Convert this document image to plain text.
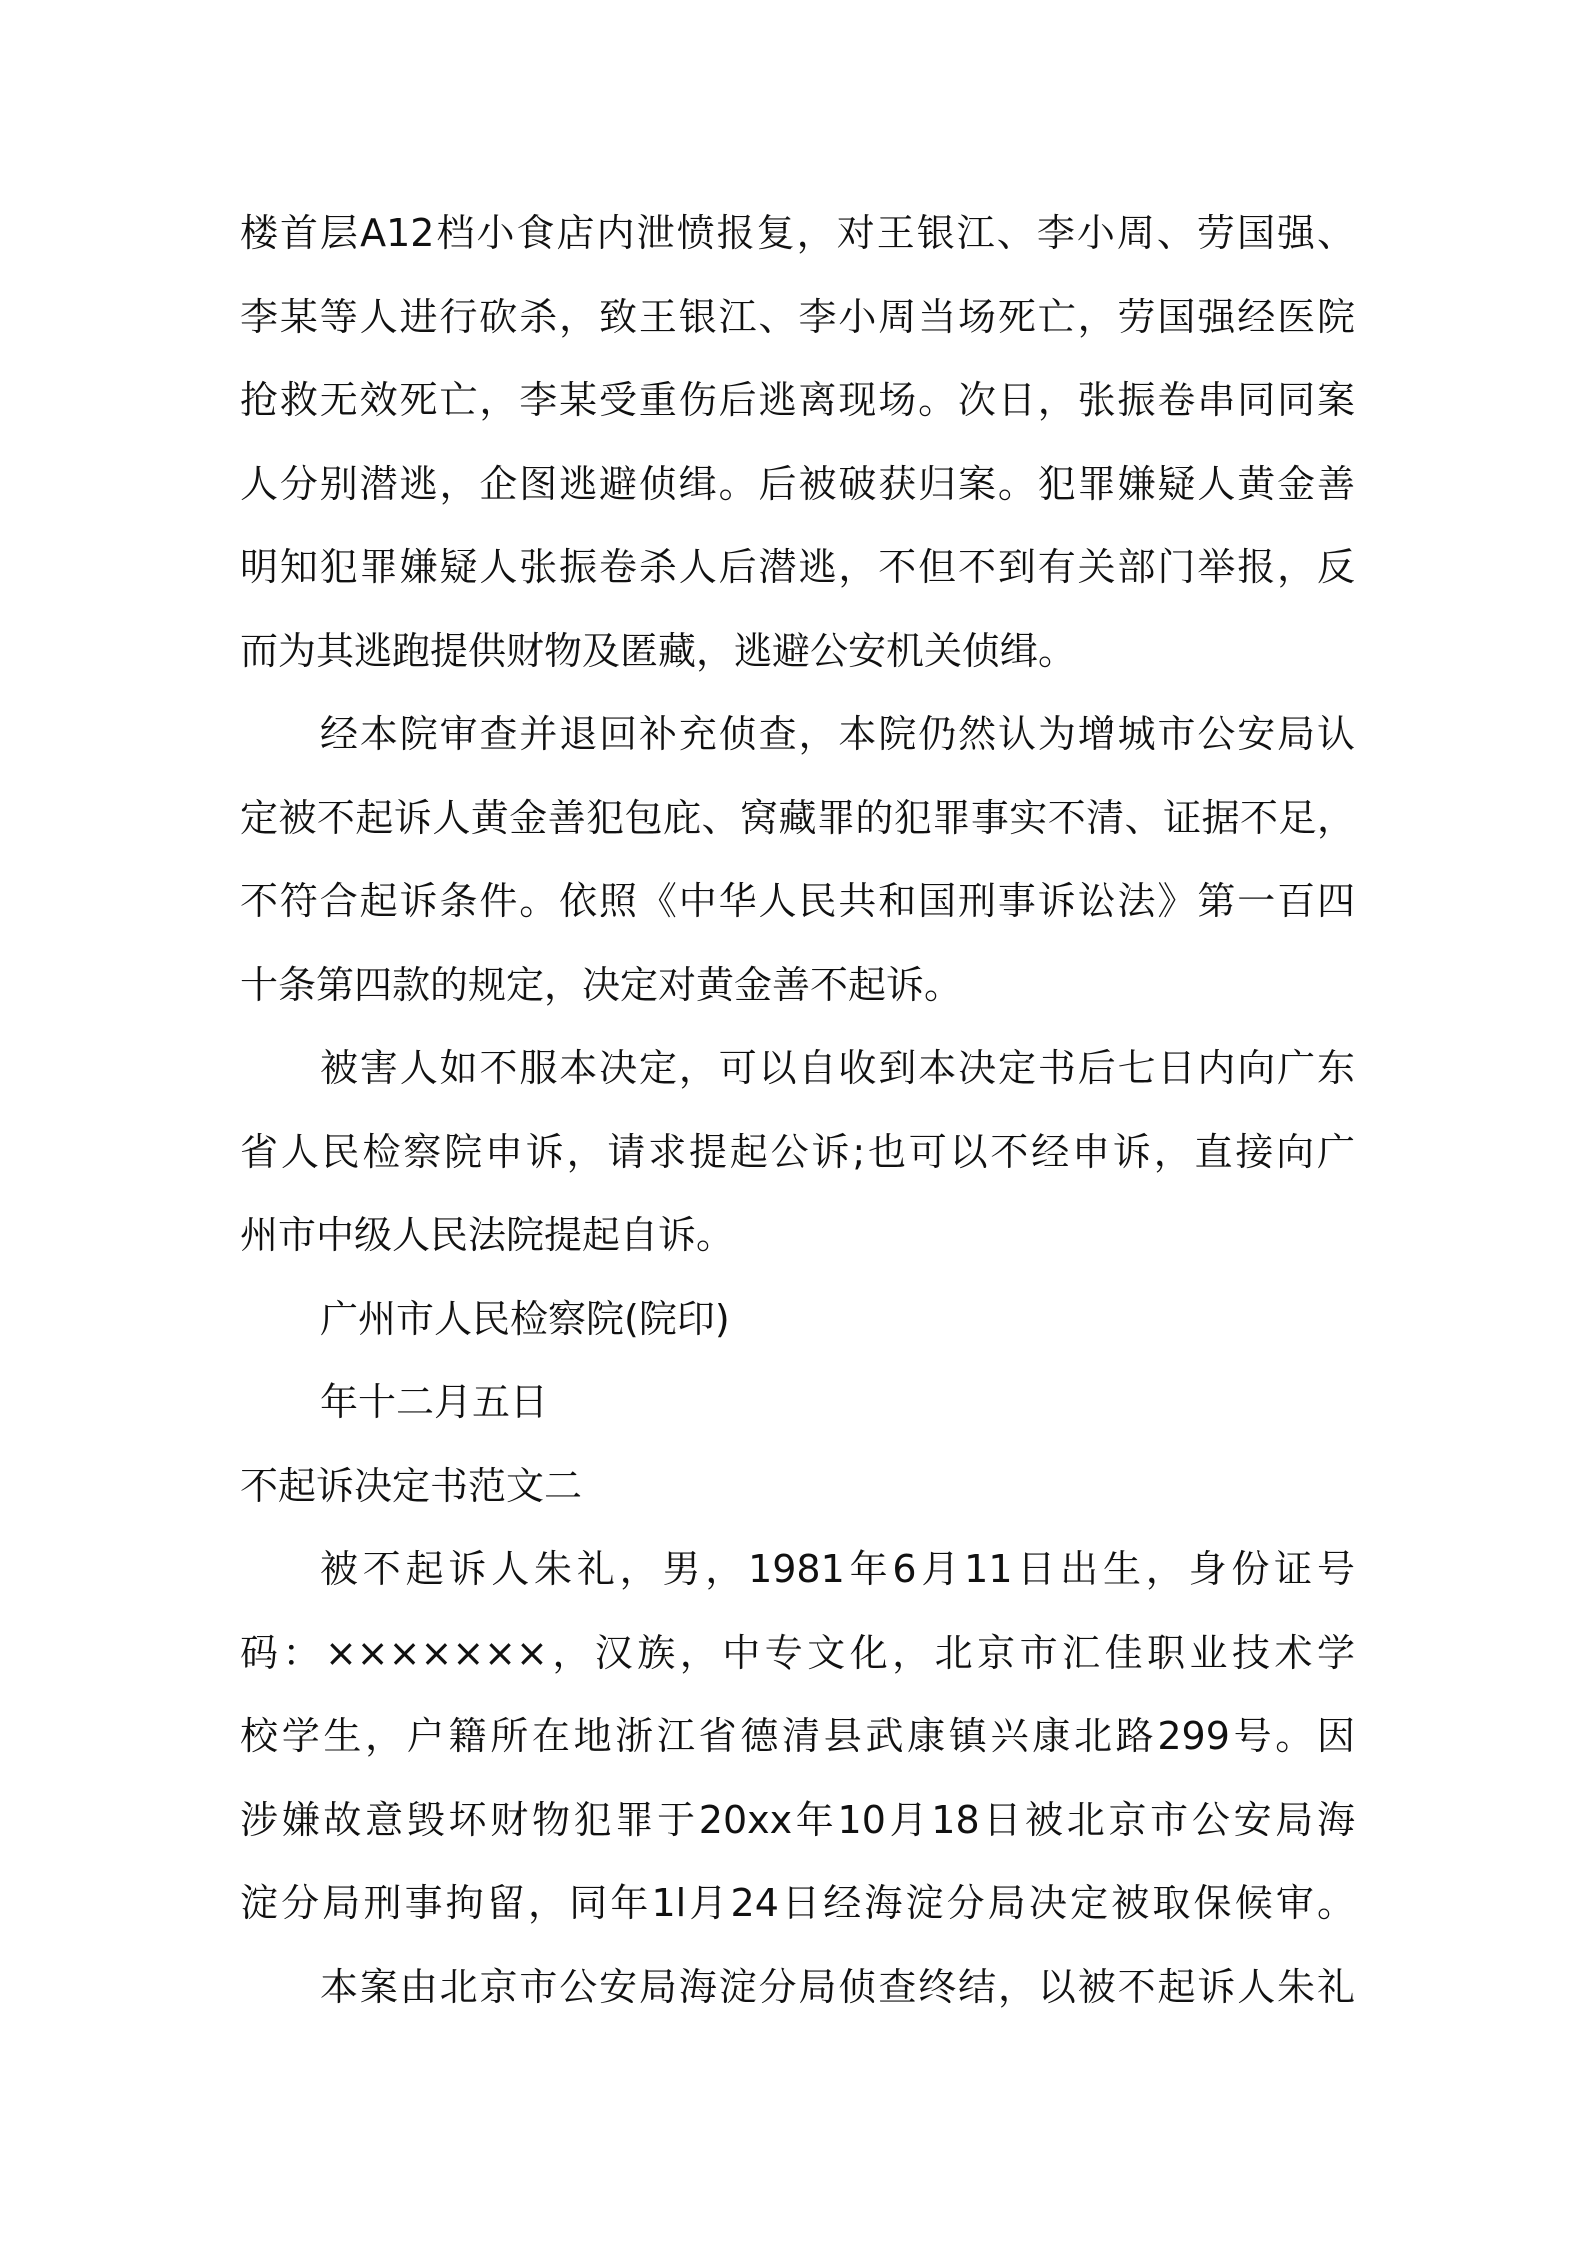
楼首层A12档小食店内泄愤报复，对王银江、李小周、劳国强、
李某等人进行砍杀，致王银江、李小周当场死亡，劳国强经医院
抢救无效死亡，李某受重伤后逃离现场。次日，张振卷串同同案
人分别潜逃，企图逃避侦缉。后被破获归案。犯罪嫌疑人黄金善
明知犯罪嫌疑人张振卷杀人后潜逃，不但不到有关部门举报，反
而为其逃跑提供财物及匿藏，逃避公安机关侦缉。
经本院审查并退回补充侦查，本院仍然认为增城市公安局认
定被不起诉人黄金善犯包庇、窝藏罪的犯罪事实不清、证据不足，
不符合起诉条件。依照《中华人民共和国刑事诉讼法》第一百四
十条第四款的规定，决定对黄金善不起诉。
被害人如不服本决定，可以自收到本决定书后七日内向广东
省人民检察院申诉，请求提起公诉;也可以不经申诉，直接向广
州市中级人民法院提起自诉。
广州市人民检察院(院印)
年十二月五日
不起诉决定书范文二
被不起诉人朱礼，男，1981年6月11日出生，身份证号
码：×××××××，汉族，中专文化，北京市汇佳职业技术学
校学生，户籍所在地浙江省德清县武康镇兴康北路299号。因
涉嫌故意毁坏财物犯罪于20xx年10月18日被北京市公安局海
淀分局刑事拘留，同年1l月24日经海淀分局决定被取保候审。
本案由北京市公安局海淀分局侦查终结，以被不起诉人朱礼
